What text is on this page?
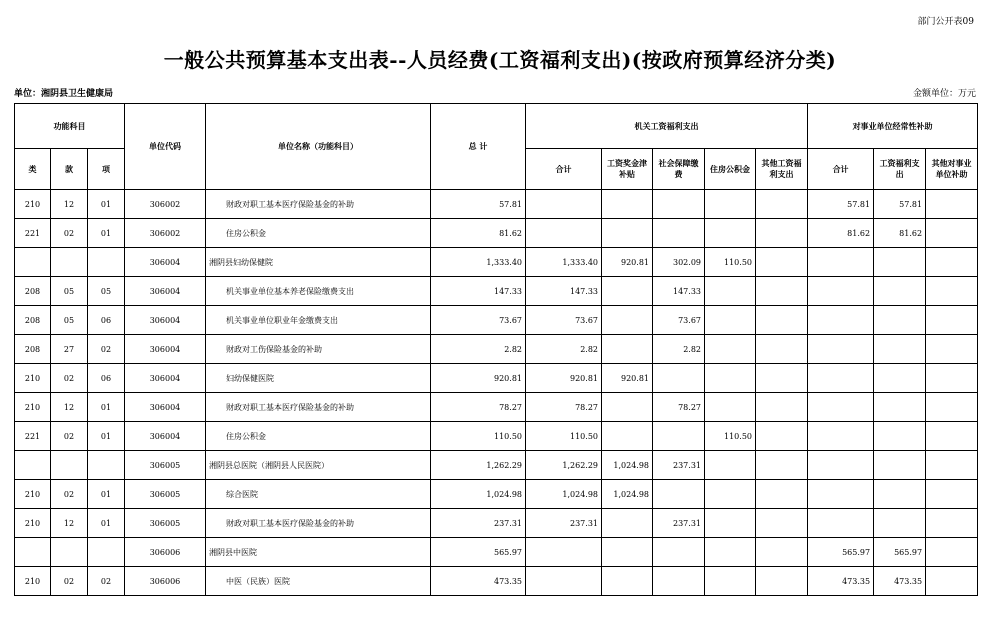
部门公开表09
一般公共预算基本支出表--人员经费(工资福利支出)(按政府预算经济分类)
单位：湘阴县卫生健康局	金额单位：万元
功能科目			单位代码	单位名称（功能科目）	总 计	机关工资福利支出					对事业单位经常性补助		
类	款	项				合计	工资奖金津补贴	社会保障缴费	住房公积金	其他工资福利支出	合计	工资福利支出	其他对事业单位补助
210	12	01	306002	财政对职工基本医疗保险基金的补助	57.81						57.81	57.81	
221	02	01	306002	住房公积金	81.62						81.62	81.62	
			306004	湘阴县妇幼保健院	1,333.40	1,333.40	920.81	302.09	110.50				
208	05	05	306004	机关事业单位基本养老保险缴费支出	147.33	147.33		147.33					
208	05	06	306004	机关事业单位职业年金缴费支出	73.67	73.67		73.67					
208	27	02	306004	财政对工伤保险基金的补助	2.82	2.82		2.82					
210	02	06	306004	妇幼保健医院	920.81	920.81	920.81						
210	12	01	306004	财政对职工基本医疗保险基金的补助	78.27	78.27		78.27					
221	02	01	306004	住房公积金	110.50	110.50			110.50				
			306005	湘阴县总医院（湘阴县人民医院）	1,262.29	1,262.29	1,024.98	237.31					
210	02	01	306005	综合医院	1,024.98	1,024.98	1,024.98						
210	12	01	306005	财政对职工基本医疗保险基金的补助	237.31	237.31		237.31					
			306006	湘阴县中医院	565.97						565.97	565.97	
210	02	02	306006	中医（民族）医院	473.35						473.35	473.35	
